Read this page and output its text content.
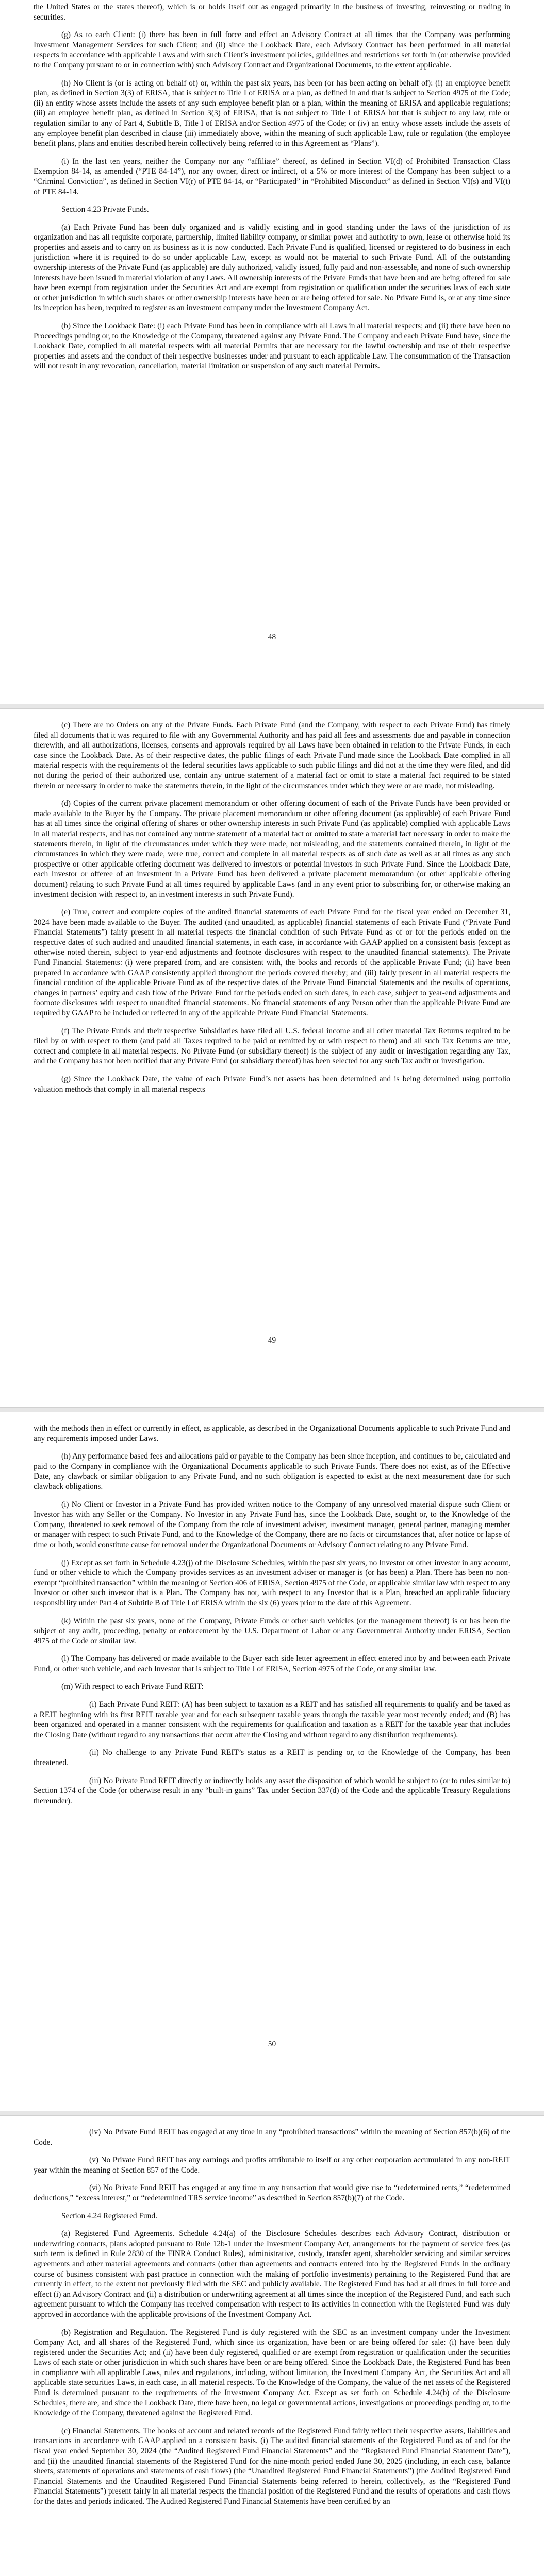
the United States or the states thereof), which is or holds itself out as engaged primarily in the business of investing, reinvesting or trading in securities.

(g) As to each Client: (i) there has been in full force and effect an Advisory Contract at all times that the Company was performing Investment Management Services for such Client; and (ii) since the Lookback Date, each Advisory Contract has been performed in all material respects in accordance with applicable Laws and with such Client’s investment policies, guidelines and restrictions set forth in (or otherwise provided to the Company pursuant to or in connection with) such Advisory Contract and Organizational Documents, to the extent applicable.

(h) No Client is (or is acting on behalf of) or, within the past six years, has been (or has been acting on behalf of): (i) an employee benefit plan, as defined in Section 3(3) of ERISA, that is subject to Title I of ERISA or a plan, as defined in and that is subject to Section 4975 of the Code; (ii) an entity whose assets include the assets of any such employee benefit plan or a plan, within the meaning of ERISA and applicable regulations; (iii) an employee benefit plan, as defined in Section 3(3) of ERISA, that is not subject to Title I of ERISA but that is subject to any law, rule or regulation similar to any of Part 4, Subtitle B, Title I of ERISA and/or Section 4975 of the Code; or (iv) an entity whose assets include the assets of any employee benefit plan described in clause (iii) immediately above, within the meaning of such applicable Law, rule or regulation (the employee benefit plans, plans and entities described herein collectively being referred to in this Agreement as “Plans”).

(i) In the last ten years, neither the Company nor any “affiliate” thereof, as defined in Section VI(d) of Prohibited Transaction Class Exemption 84-14, as amended (“PTE 84-14”), nor any owner, direct or indirect, of a 5% or more interest of the Company has been subject to a “Criminal Conviction”, as defined in Section VI(r) of PTE 84-14, or “Participated” in “Prohibited Misconduct” as defined in Section VI(s) and VI(t) of PTE 84-14.

Section 4.23 Private Funds.

(a) Each Private Fund has been duly organized and is validly existing and in good standing under the laws of the jurisdiction of its organization and has all requisite corporate, partnership, limited liability company, or similar power and authority to own, lease or otherwise hold its properties and assets and to carry on its business as it is now conducted. Each Private Fund is qualified, licensed or registered to do business in each jurisdiction where it is required to do so under applicable Law, except as would not be material to such Private Fund. All of the outstanding ownership interests of the Private Fund (as applicable) are duly authorized, validly issued, fully paid and non-assessable, and none of such ownership interests have been issued in material violation of any Laws. All ownership interests of the Private Funds that have been and are being offered for sale have been exempt from registration under the Securities Act and are exempt from registration or qualification under the securities laws of each state or other jurisdiction in which such shares or other ownership interests have been or are being offered for sale. No Private Fund is, or at any time since its inception has been, required to register as an investment company under the Investment Company Act.

(b) Since the Lookback Date: (i) each Private Fund has been in compliance with all Laws in all material respects; and (ii) there have been no Proceedings pending or, to the Knowledge of the Company, threatened against any Private Fund. The Company and each Private Fund have, since the Lookback Date, complied in all material respects with all material Permits that are necessary for the lawful ownership and use of their respective properties and assets and the conduct of their respective businesses under and pursuant to each applicable Law. The consummation of the Transaction will not result in any revocation, cancellation, material limitation or suspension of any such material Permits.

48

(c) There are no Orders on any of the Private Funds. Each Private Fund (and the Company, with respect to each Private Fund) has timely filed all documents that it was required to file with any Governmental Authority and has paid all fees and assessments due and payable in connection therewith, and all authorizations, licenses, consents and approvals required by all Laws have been obtained in relation to the Private Funds, in each case since the Lookback Date. As of their respective dates, the public filings of each Private Fund made since the Lookback Date complied in all material respects with the requirements of the federal securities laws applicable to such public filings and did not at the time they were filed, and did not during the period of their authorized use, contain any untrue statement of a material fact or omit to state a material fact required to be stated therein or necessary in order to make the statements therein, in the light of the circumstances under which they were or are made, not misleading.

(d) Copies of the current private placement memorandum or other offering document of each of the Private Funds have been provided or made available to the Buyer by the Company. The private placement memorandum or other offering document (as applicable) of each Private Fund has at all times since the original offering of shares or other ownership interests in such Private Fund (as applicable) complied with applicable Laws in all material respects, and has not contained any untrue statement of a material fact or omitted to state a material fact necessary in order to make the statements therein, in light of the circumstances under which they were made, not misleading, and the statements contained therein, in light of the circumstances in which they were made, were true, correct and complete in all material respects as of such date as well as at all times as any such prospective or other applicable offering document was delivered to investors or potential investors in such Private Fund. Since the Lookback Date, each Investor or offeree of an investment in a Private Fund has been delivered a private placement memorandum (or other applicable offering document) relating to such Private Fund at all times required by applicable Laws (and in any event prior to subscribing for, or otherwise making an investment decision with respect to, an investment interests in such Private Fund).

(e) True, correct and complete copies of the audited financial statements of each Private Fund for the fiscal year ended on December 31, 2024 have been made available to the Buyer. The audited (and unaudited, as applicable) financial statements of each Private Fund (“Private Fund Financial Statements”) fairly present in all material respects the financial condition of such Private Fund as of or for the periods ended on the respective dates of such audited and unaudited financial statements, in each case, in accordance with GAAP applied on a consistent basis (except as otherwise noted therein, subject to year-end adjustments and footnote disclosures with respect to the unaudited financial statements). The Private Fund Financial Statements: (i) were prepared from, and are consistent with, the books and records of the applicable Private Fund; (ii) have been prepared in accordance with GAAP consistently applied throughout the periods covered thereby; and (iii) fairly present in all material respects the financial condition of the applicable Private Fund as of the respective dates of the Private Fund Financial Statements and the results of operations, changes in partners’ equity and cash flow of the Private Fund for the periods ended on such dates, in each case, subject to year-end adjustments and footnote disclosures with respect to unaudited financial statements. No financial statements of any Person other than the applicable Private Fund are required by GAAP to be included or reflected in any of the applicable Private Fund Financial Statements.

(f) The Private Funds and their respective Subsidiaries have filed all U.S. federal income and all other material Tax Returns required to be filed by or with respect to them (and paid all Taxes required to be paid or remitted by or with respect to them) and all such Tax Returns are true, correct and complete in all material respects. No Private Fund (or subsidiary thereof) is the subject of any audit or investigation regarding any Tax, and the Company has not been notified that any Private Fund (or subsidiary thereof) has been selected for any such Tax audit or investigation.

(g) Since the Lookback Date, the value of each Private Fund’s net assets has been determined and is being determined using portfolio valuation methods that comply in all material respects

49

with the methods then in effect or currently in effect, as applicable, as described in the Organizational Documents applicable to such Private Fund and any requirements imposed under Laws.

(h) Any performance based fees and allocations paid or payable to the Company has been since inception, and continues to be, calculated and paid to the Company in compliance with the Organizational Documents applicable to such Private Funds. There does not exist, as of the Effective Date, any clawback or similar obligation to any Private Fund, and no such obligation is expected to exist at the next measurement date for such clawback obligations.

(i) No Client or Investor in a Private Fund has provided written notice to the Company of any unresolved material dispute such Client or Investor has with any Seller or the Company. No Investor in any Private Fund has, since the Lookback Date, sought or, to the Knowledge of the Company, threatened to seek removal of the Company from the role of investment adviser, investment manager, general partner, managing member or manager with respect to such Private Fund, and to the Knowledge of the Company, there are no facts or circumstances that, after notice or lapse of time or both, would constitute cause for removal under the Organizational Documents or Advisory Contract relating to any Private Fund.

(j) Except as set forth in Schedule 4.23(j) of the Disclosure Schedules, within the past six years, no Investor or other investor in any account, fund or other vehicle to which the Company provides services as an investment adviser or manager is (or has been) a Plan. There has been no non-exempt “prohibited transaction” within the meaning of Section 406 of ERISA, Section 4975 of the Code, or applicable similar law with respect to any Investor or other such investor that is a Plan. The Company has not, with respect to any Investor that is a Plan, breached an applicable fiduciary responsibility under Part 4 of Subtitle B of Title I of ERISA within the six (6) years prior to the date of this Agreement.

(k) Within the past six years, none of the Company, Private Funds or other such vehicles (or the management thereof) is or has been the subject of any audit, proceeding, penalty or enforcement by the U.S. Department of Labor or any Governmental Authority under ERISA, Section 4975 of the Code or similar law.

(l) The Company has delivered or made available to the Buyer each side letter agreement in effect entered into by and between each Private Fund, or other such vehicle, and each Investor that is subject to Title I of ERISA, Section 4975 of the Code, or any similar law.

(m) With respect to each Private Fund REIT:

(i) Each Private Fund REIT: (A) has been subject to taxation as a REIT and has satisfied all requirements to qualify and be taxed as a REIT beginning with its first REIT taxable year and for each subsequent taxable years through the taxable year most recently ended; and (B) has been organized and operated in a manner consistent with the requirements for qualification and taxation as a REIT for the taxable year that includes the Closing Date (without regard to any transactions that occur after the Closing and without regard to any distribution requirements).

(ii) No challenge to any Private Fund REIT’s status as a REIT is pending or, to the Knowledge of the Company, has been threatened.

(iii) No Private Fund REIT directly or indirectly holds any asset the disposition of which would be subject to (or to rules similar to) Section 1374 of the Code (or otherwise result in any “built-in gains” Tax under Section 337(d) of the Code and the applicable Treasury Regulations thereunder).

50

(iv) No Private Fund REIT has engaged at any time in any “prohibited transactions” within the meaning of Section 857(b)(6) of the Code.

(v) No Private Fund REIT has any earnings and profits attributable to itself or any other corporation accumulated in any non-REIT year within the meaning of Section 857 of the Code.

(vi) No Private Fund REIT has engaged at any time in any transaction that would give rise to “redetermined rents,” “redetermined deductions,” “excess interest,” or “redetermined TRS service income” as described in Section 857(b)(7) of the Code.

Section 4.24 Registered Fund.

(a) Registered Fund Agreements. Schedule 4.24(a) of the Disclosure Schedules describes each Advisory Contract, distribution or underwriting contracts, plans adopted pursuant to Rule 12b-1 under the Investment Company Act, arrangements for the payment of service fees (as such term is defined in Rule 2830 of the FINRA Conduct Rules), administrative, custody, transfer agent, shareholder servicing and similar services agreements and other material agreements and contracts (other than agreements and contracts entered into by the Registered Funds in the ordinary course of business consistent with past practice in connection with the making of portfolio investments) pertaining to the Registered Fund that are currently in effect, to the extent not previously filed with the SEC and publicly available. The Registered Fund has had at all times in full force and effect (i) an Advisory Contract and (ii) a distribution or underwriting agreement at all times since the inception of the Registered Fund, and each such agreement pursuant to which the Company has received compensation with respect to its activities in connection with the Registered Fund was duly approved in accordance with the applicable provisions of the Investment Company Act.

(b) Registration and Regulation. The Registered Fund is duly registered with the SEC as an investment company under the Investment Company Act, and all shares of the Registered Fund, which since its organization, have been or are being offered for sale: (i) have been duly registered under the Securities Act; and (ii) have been duly registered, qualified or are exempt from registration or qualification under the securities Laws of each state or other jurisdiction in which such shares have been or are being offered. Since the Lookback Date, the Registered Fund has been in compliance with all applicable Laws, rules and regulations, including, without limitation, the Investment Company Act, the Securities Act and all applicable state securities Laws, in each case, in all material respects. To the Knowledge of the Company, the value of the net assets of the Registered Fund is determined pursuant to the requirements of the Investment Company Act. Except as set forth on Schedule 4.24(b) of the Disclosure Schedules, there are, and since the Lookback Date, there have been, no legal or governmental actions, investigations or proceedings pending or, to the Knowledge of the Company, threatened against the Registered Fund.

(c) Financial Statements. The books of account and related records of the Registered Fund fairly reflect their respective assets, liabilities and transactions in accordance with GAAP applied on a consistent basis. (i) The audited financial statements of the Registered Fund as of and for the fiscal year ended September 30, 2024 (the “Audited Registered Fund Financial Statements” and the “Registered Fund Financial Statement Date”), and (ii) the unaudited financial statements of the Registered Fund for the nine-month period ended June 30, 2025 (including, in each case, balance sheets, statements of operations and statements of cash flows) (the “Unaudited Registered Fund Financial Statements”) (the Audited Registered Fund Financial Statements and the Unaudited Registered Fund Financial Statements being referred to herein, collectively, as the “Registered Fund Financial Statements”) present fairly in all material respects the financial position of the Registered Fund and the results of operations and cash flows for the dates and periods indicated. The Audited Registered Fund Financial Statements have been certified by an
